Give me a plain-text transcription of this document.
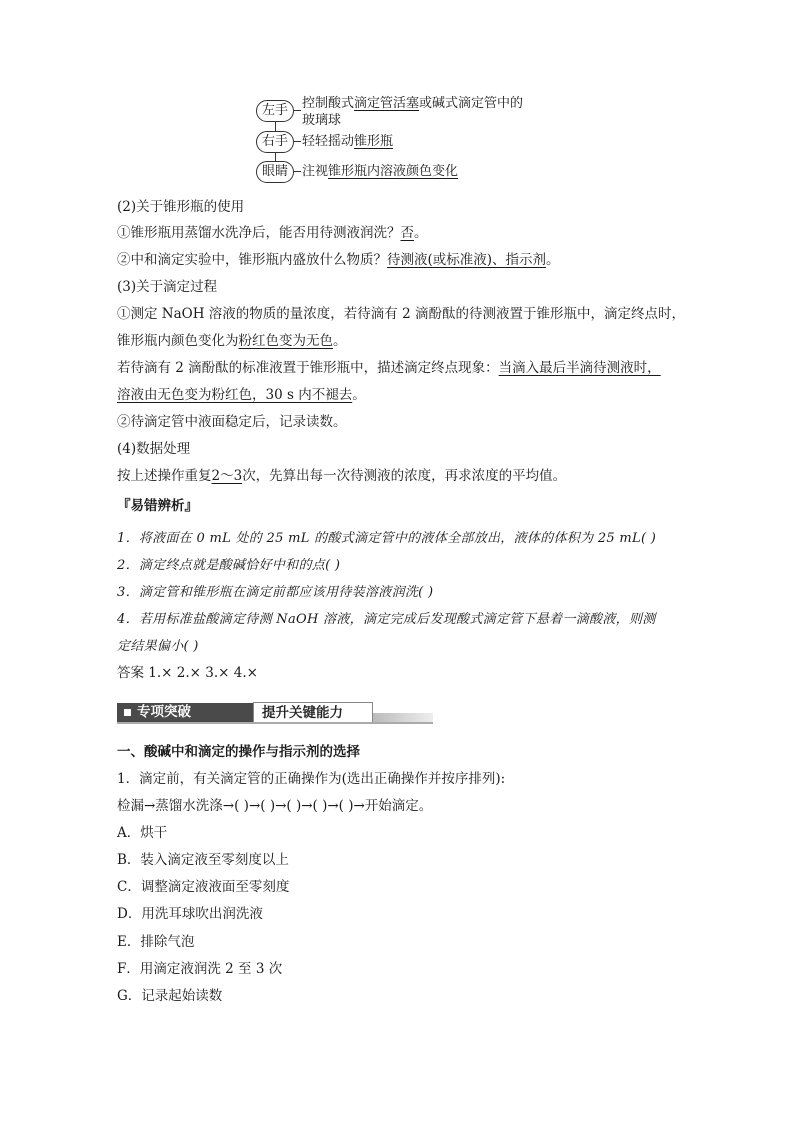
左手	控制酸式滴定管活塞或碱式滴定管中的
玻璃球
右手	轻轻摇动锥形瓶
眼睛	注视锥形瓶内溶液颜色变化
(2)关于锥形瓶的使用
①锥形瓶用蒸馏水洗净后，能否用待测液润洗？否。
②中和滴定实验中，锥形瓶内盛放什么物质？待测液(或标准液)、指示剂。
(3)关于滴定过程
①测定 NaOH 溶液的物质的量浓度，若待滴有 2 滴酚酞的待测液置于锥形瓶中，滴定终点时，
锥形瓶内颜色变化为粉红色变为无色。
若待滴有 2 滴酚酞的标准液置于锥形瓶中，描述滴定终点现象：当滴入最后半滴待测液时，
溶液由无色变为粉红色，30 s 内不褪去。
②待滴定管中液面稳定后，记录读数。
(4)数据处理
按上述操作重复2～3次，先算出每一次待测液的浓度，再求浓度的平均值。
『易错辨析』
1．将液面在 0 mL 处的 25 mL 的酸式滴定管中的液体全部放出，液体的体积为 25 mL( )
2．滴定终点就是酸碱恰好中和的点( )
3．滴定管和锥形瓶在滴定前都应该用待装溶液润洗( )
4．若用标准盐酸滴定待测 NaOH 溶液，滴定完成后发现酸式滴定管下悬着一滴酸液，则测
定结果偏小( )
答案 1.× 2.× 3.× 4.×
专项突破	提升关键能力
一、酸碱中和滴定的操作与指示剂的选择
1．滴定前，有关滴定管的正确操作为(选出正确操作并按序排列):
检漏→蒸馏水洗涤→( )→( )→( )→( )→( )→开始滴定。
A．烘干
B．装入滴定液至零刻度以上
C．调整滴定液液面至零刻度
D．用洗耳球吹出润洗液
E．排除气泡
F．用滴定液润洗 2 至 3 次
G．记录起始读数
